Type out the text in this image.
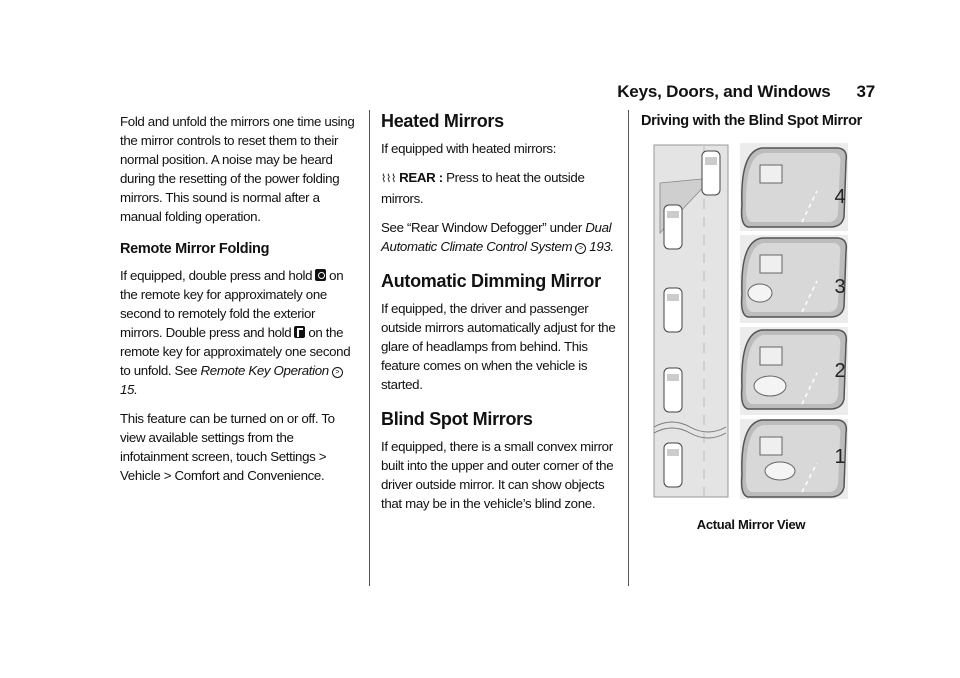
Keys, Doors, and Windows 37

Fold and unfold the mirrors one time using the mirror controls to reset them to their normal position. A noise may be heard during the resetting of the power folding mirrors. This sound is normal after a manual folding operation.

Remote Mirror Folding

If equipped, double press and hold on the remote key for approximately one second to remotely fold the exterior mirrors. Double press and hold on the remote key for approximately one second to unfold. See Remote Key Operation >15.

This feature can be turned on or off. To view available settings from the infotainment screen, touch Settings > Vehicle > Comfort and Convenience.

Heated Mirrors

If equipped with heated mirrors:

⌇⌇⌇ REAR : Press to heat the outside mirrors.

See “Rear Window Defogger” under Dual Automatic Climate Control System > 193.

Automatic Dimming Mirror

If equipped, the driver and passenger outside mirrors automatically adjust for the glare of headlamps from behind. This feature comes on when the vehicle is started.

Blind Spot Mirrors

If equipped, there is a small convex mirror built into the upper and outer corner of the driver outside mirror. It can show objects that may be in the vehicle’s blind zone.

Driving with the Blind Spot Mirror
4
3
2
1
Actual Mirror View
